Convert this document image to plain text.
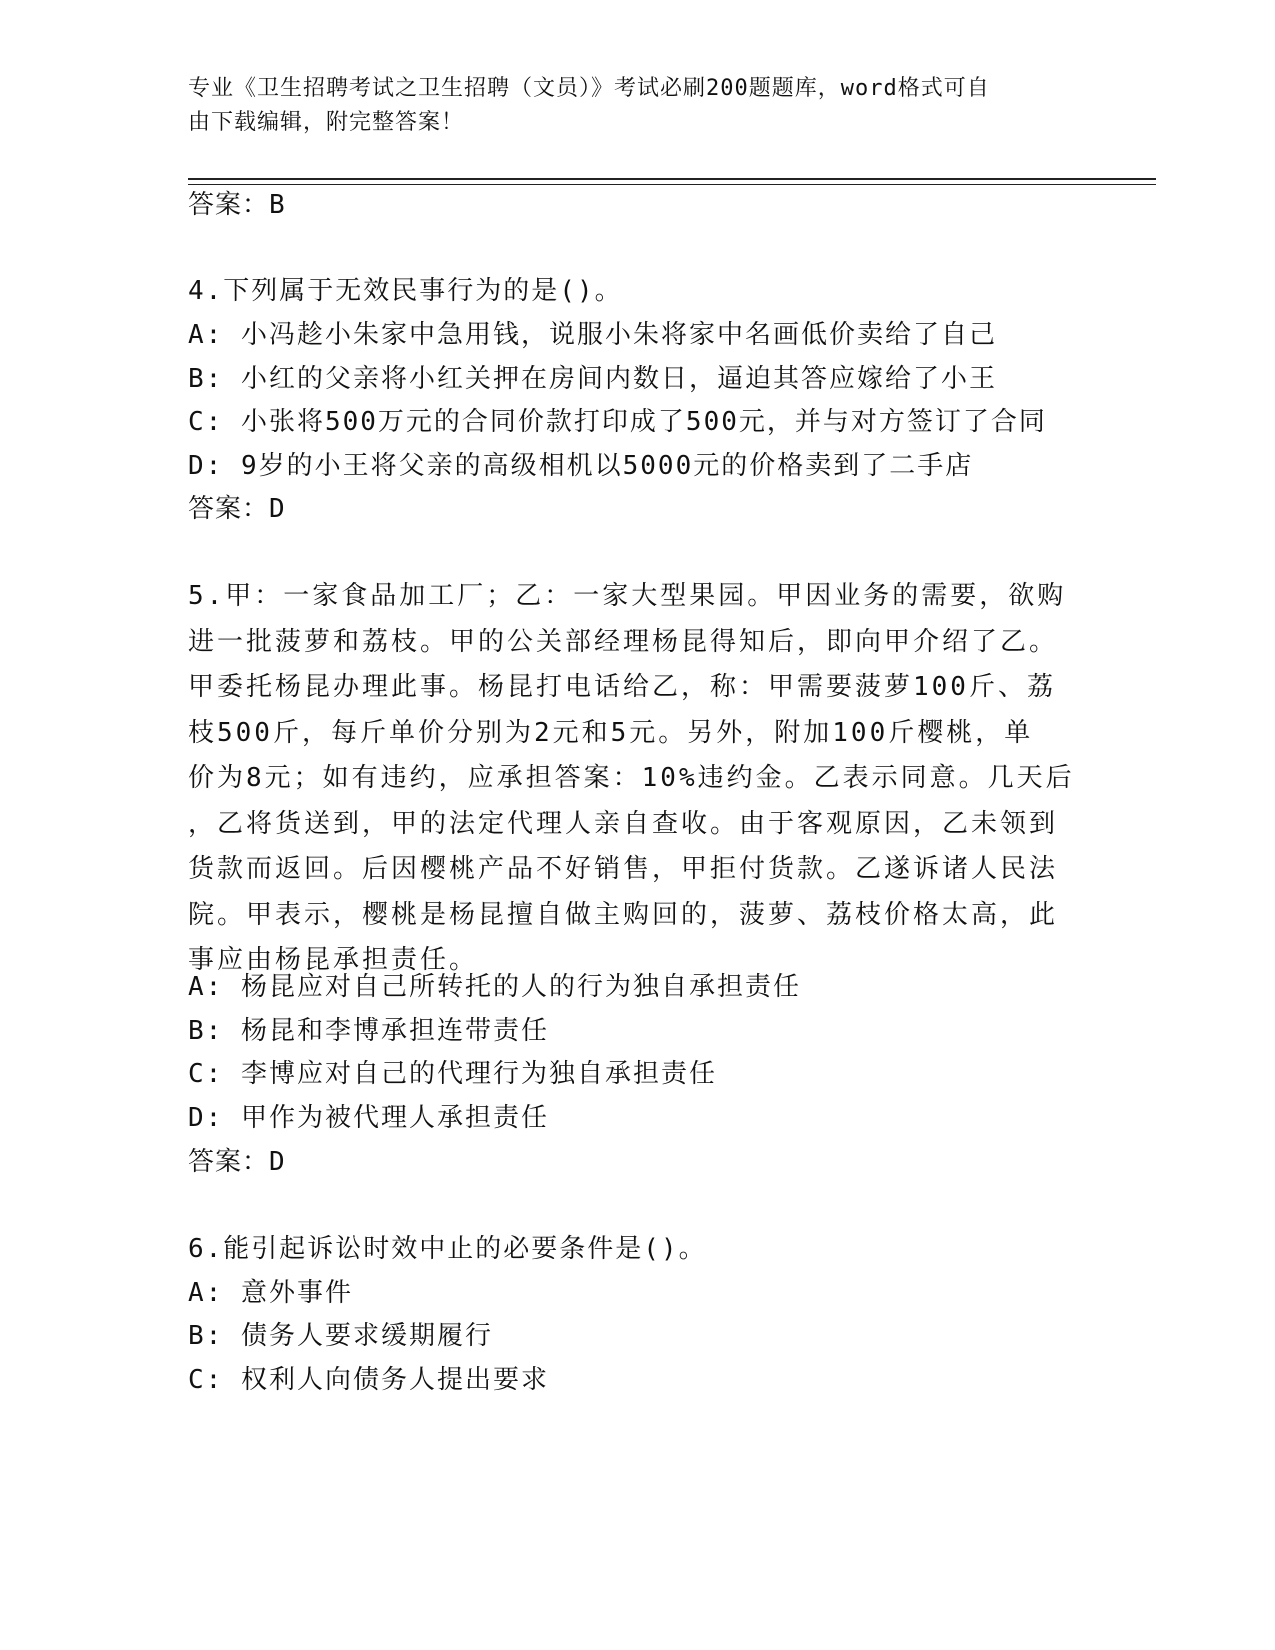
专业《卫生招聘考试之卫生招聘（文员）》考试必刷200题题库，word格式可自
由下载编辑，附完整答案！
答案：B
4.下列属于无效民事行为的是()。
A: 小冯趁小朱家中急用钱，说服小朱将家中名画低价卖给了自己
B: 小红的父亲将小红关押在房间内数日，逼迫其答应嫁给了小王
C: 小张将500万元的合同价款打印成了500元，并与对方签订了合同
D: 9岁的小王将父亲的高级相机以5000元的价格卖到了二手店
答案：D
5.甲：一家食品加工厂；乙：一家大型果园。甲因业务的需要，欲购
进一批菠萝和荔枝。甲的公关部经理杨昆得知后，即向甲介绍了乙。
甲委托杨昆办理此事。杨昆打电话给乙，称：甲需要菠萝100斤、荔
枝500斤，每斤单价分别为2元和5元。另外，附加100斤樱桃，单
价为8元；如有违约，应承担答案：10%违约金。乙表示同意。几天后
，乙将货送到，甲的法定代理人亲自查收。由于客观原因，乙未领到
货款而返回。后因樱桃产品不好销售，甲拒付货款。乙遂诉诸人民法
院。甲表示，樱桃是杨昆擅自做主购回的，菠萝、荔枝价格太高，此
事应由杨昆承担责任。
A: 杨昆应对自己所转托的人的行为独自承担责任
B: 杨昆和李博承担连带责任
C: 李博应对自己的代理行为独自承担责任
D: 甲作为被代理人承担责任
答案：D
6.能引起诉讼时效中止的必要条件是()。
A: 意外事件
B: 债务人要求缓期履行
C: 权利人向债务人提出要求
